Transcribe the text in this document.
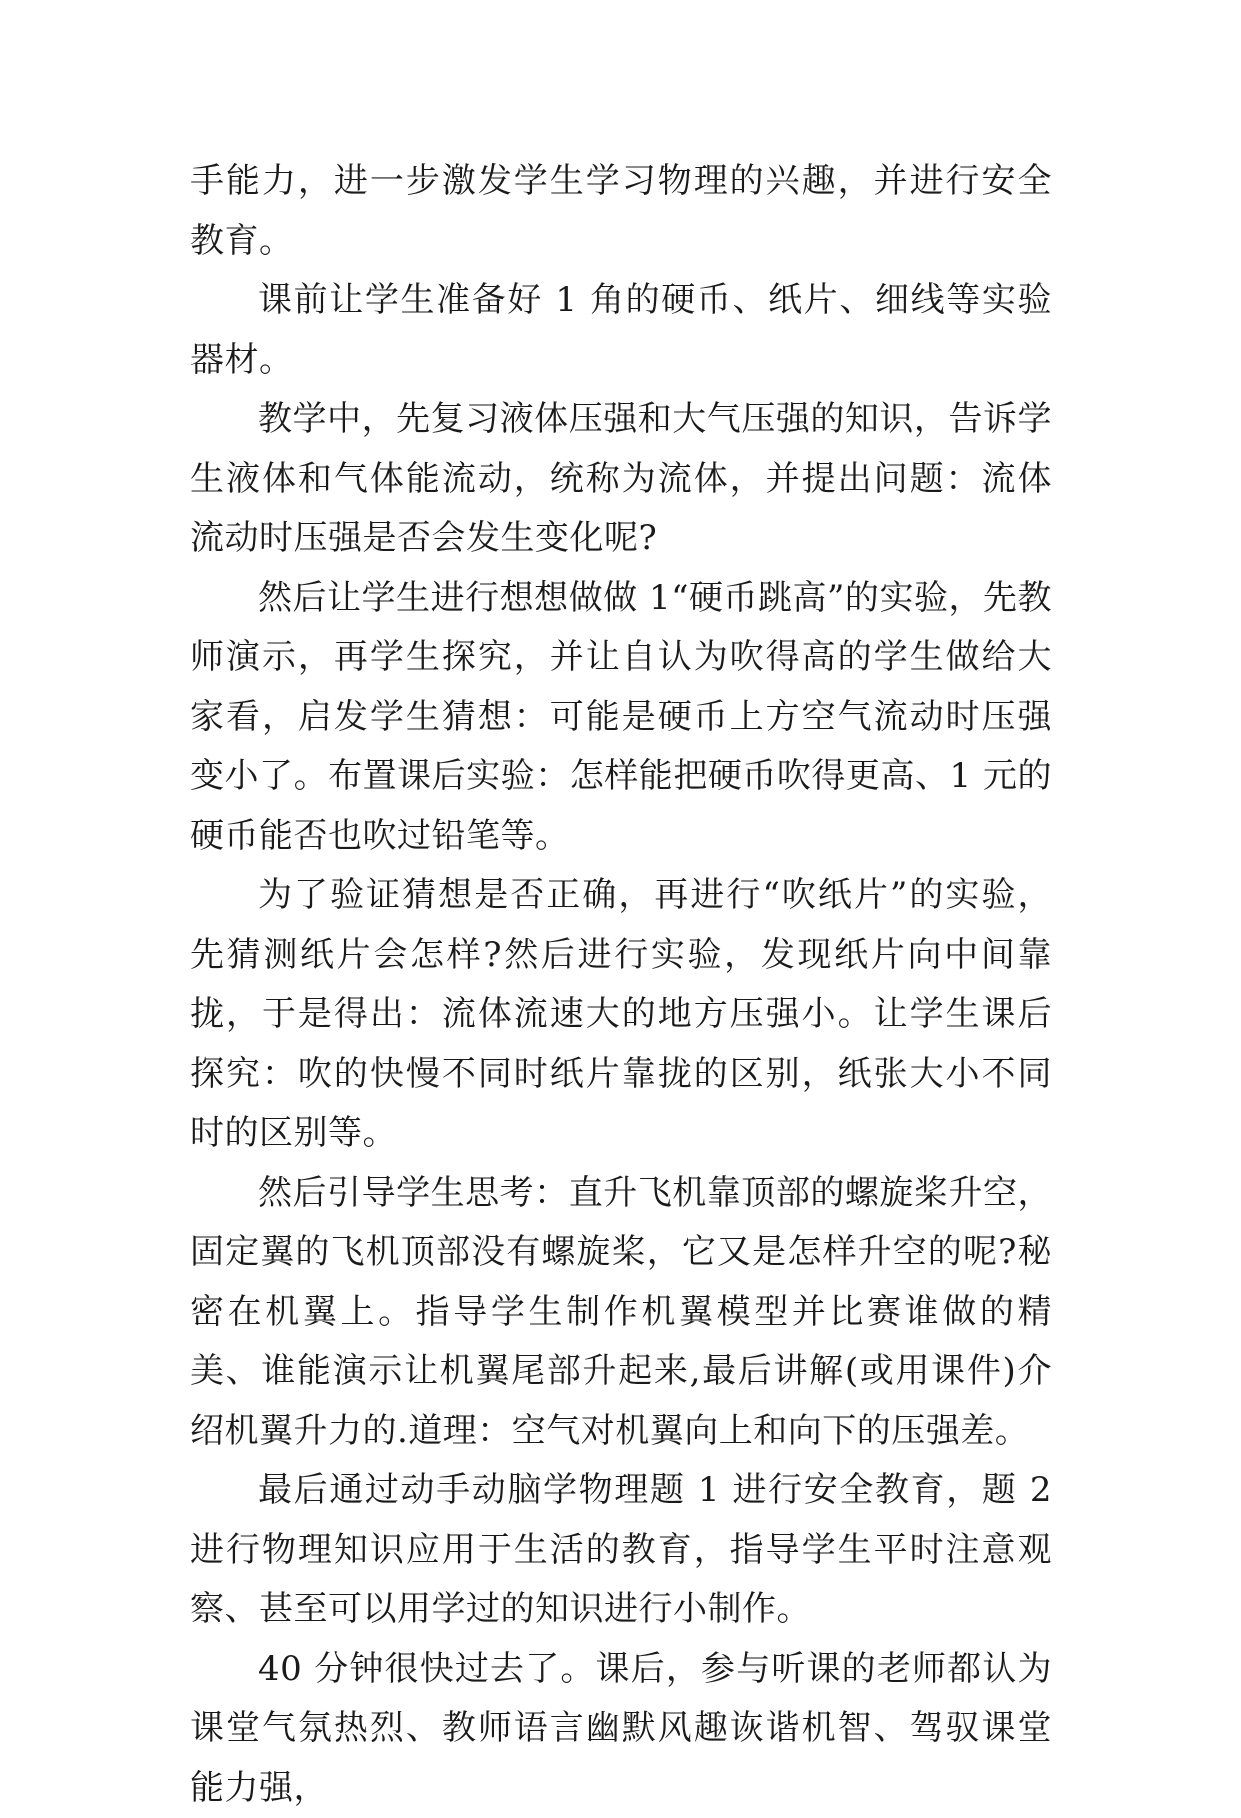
手能力，进一步激发学生学习物理的兴趣，并进行安全教育。

课前让学生准备好 1 角的硬币、纸片、细线等实验器材。

教学中，先复习液体压强和大气压强的知识，告诉学生液体和气体能流动，统称为流体，并提出问题：流体流动时压强是否会发生变化呢?

然后让学生进行想想做做 1“硬币跳高”的实验，先教师演示，再学生探究，并让自认为吹得高的学生做给大家看，启发学生猜想：可能是硬币上方空气流动时压强变小了。布置课后实验：怎样能把硬币吹得更高、1 元的硬币能否也吹过铅笔等。

为了验证猜想是否正确，再进行“吹纸片”的实验，先猜测纸片会怎样?然后进行实验，发现纸片向中间靠拢，于是得出：流体流速大的地方压强小。让学生课后探究：吹的快慢不同时纸片靠拢的区别，纸张大小不同时的区别等。

然后引导学生思考：直升飞机靠顶部的螺旋桨升空，固定翼的飞机顶部没有螺旋桨，它又是怎样升空的呢?秘密在机翼上。指导学生制作机翼模型并比赛谁做的精美、谁能演示让机翼尾部升起来,最后讲解(或用课件)介绍机翼升力的.道理：空气对机翼向上和向下的压强差。

最后通过动手动脑学物理题 1 进行安全教育，题 2 进行物理知识应用于生活的教育，指导学生平时注意观察、甚至可以用学过的知识进行小制作。

40 分钟很快过去了。课后，参与听课的老师都认为课堂气氛热烈、教师语言幽默风趣诙谐机智、驾驭课堂能力强，
